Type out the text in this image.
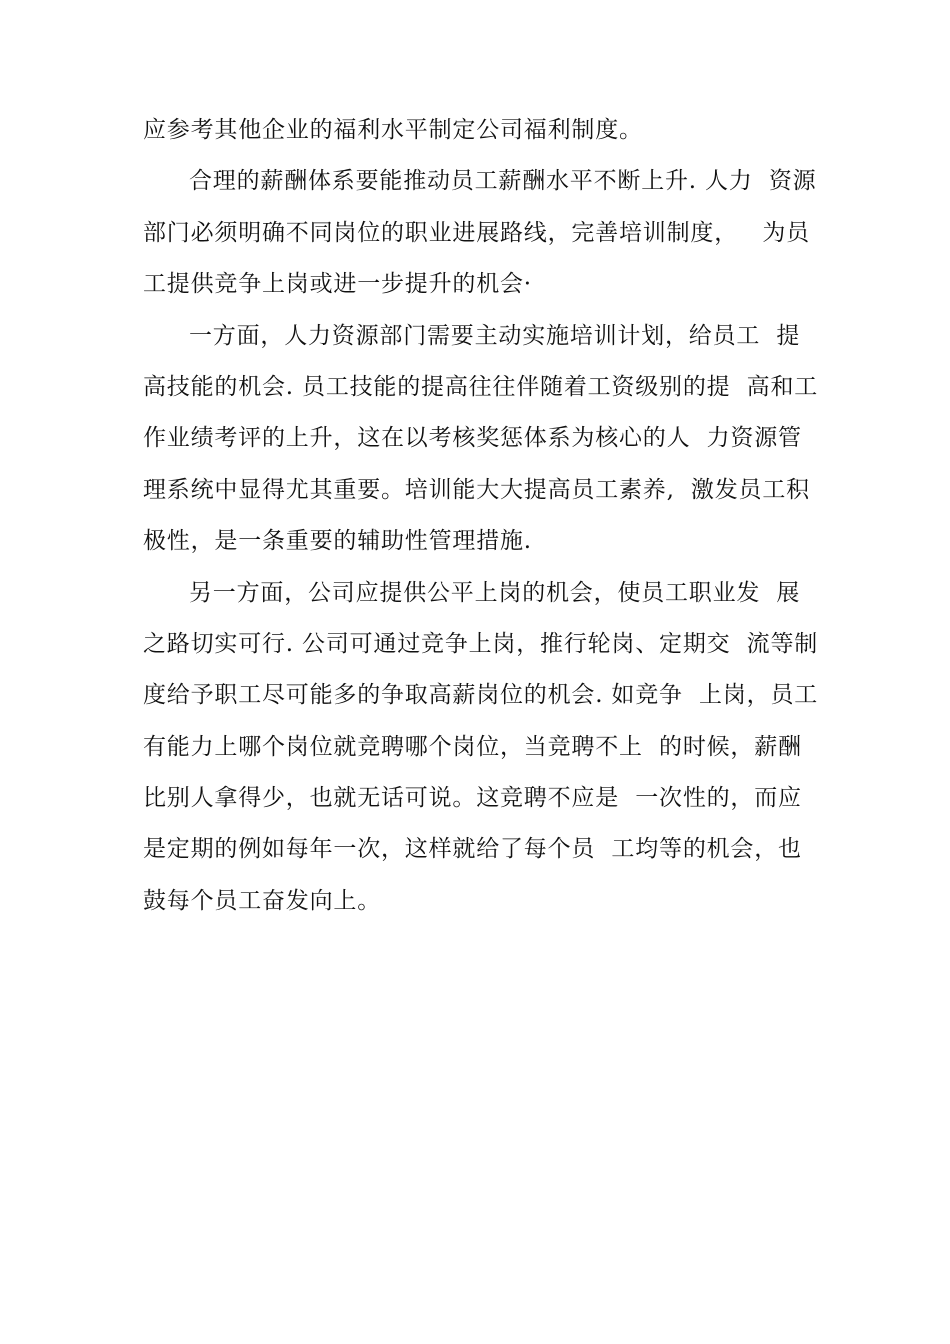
应参考其他企业的福利水平制定公司福利制度。
合理的薪酬体系要能推动员工薪酬水平不断上升. 人力  资源
部门必须明确不同岗位的职业进展路线，完善培训制度，   为员
工提供竞争上岗或进一步提升的机会·
一方面，人力资源部门需要主动实施培训计划，给员工  提
高技能的机会. 员工技能的提高往往伴随着工资级别的提  高和工
作业绩考评的上升，这在以考核奖惩体系为核心的人  力资源管
理系统中显得尤其重要。培训能大大提高员工素养,  激发员工积
极性，是一条重要的辅助性管理措施.
另一方面，公司应提供公平上岗的机会，使员工职业发  展
之路切实可行. 公司可通过竞争上岗，推行轮岗、定期交  流等制
度给予职工尽可能多的争取高薪岗位的机会. 如竞争  上岗，员工
有能力上哪个岗位就竞聘哪个岗位，当竞聘不上  的时候，薪酬
比别人拿得少，也就无话可说。这竞聘不应是  一次性的，而应
是定期的例如每年一次，这样就给了每个员  工均等的机会，也
鼓每个员工奋发向上。
